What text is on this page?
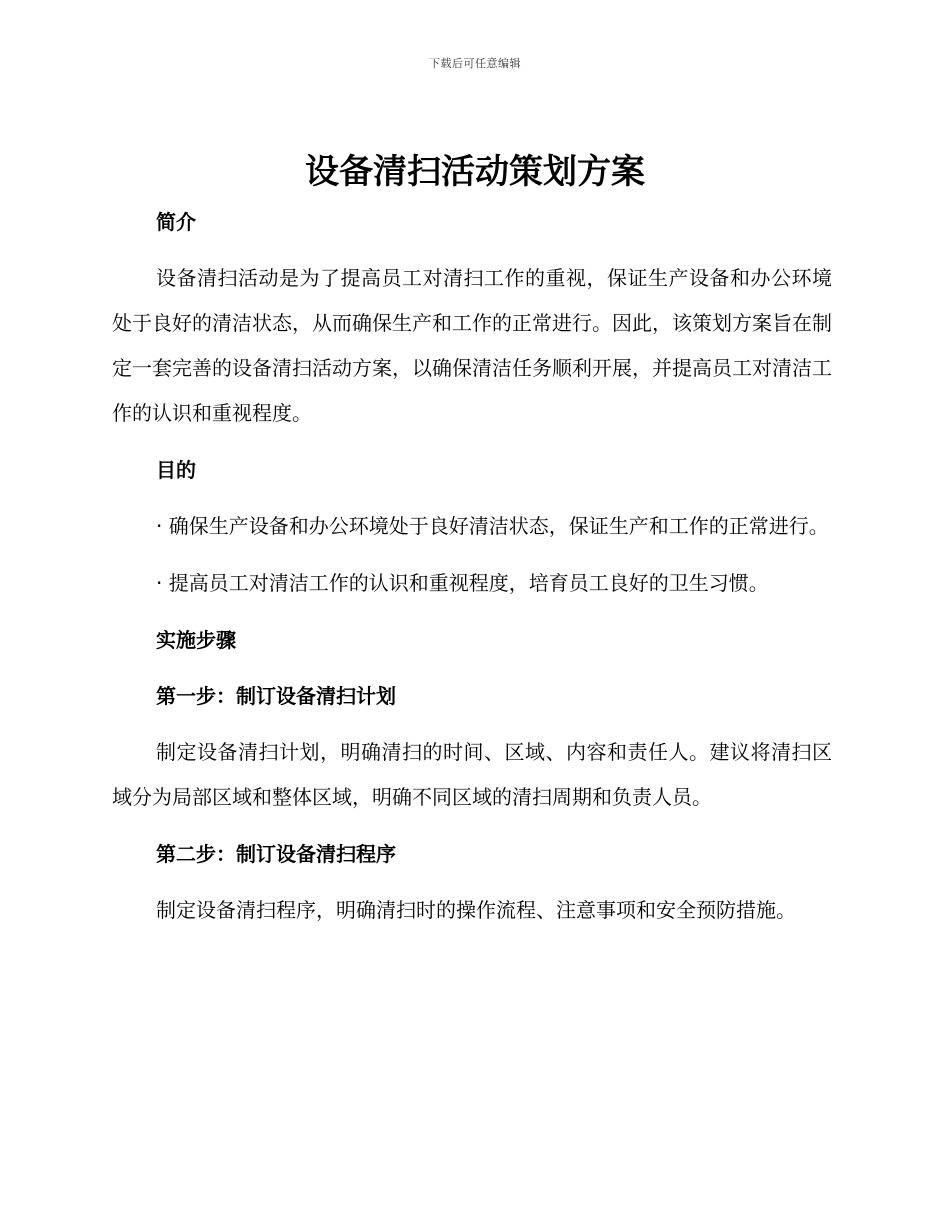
下载后可任意编辑
设备清扫活动策划方案
简介

设备清扫活动是为了提高员工对清扫工作的重视，保证生产设备和办公环境处于良好的清洁状态，从而确保生产和工作的正常进行。因此，该策划方案旨在制定一套完善的设备清扫活动方案，以确保清洁任务顺利开展，并提高员工对清洁工作的认识和重视程度。

目的

· 确保生产设备和办公环境处于良好清洁状态，保证生产和工作的正常进行。

· 提高员工对清洁工作的认识和重视程度，培育员工良好的卫生习惯。

实施步骤
第一步：制订设备清扫计划

制定设备清扫计划，明确清扫的时间、区域、内容和责任人。建议将清扫区域分为局部区域和整体区域，明确不同区域的清扫周期和负责人员。

第二步：制订设备清扫程序

制定设备清扫程序，明确清扫时的操作流程、注意事项和安全预防措施。
